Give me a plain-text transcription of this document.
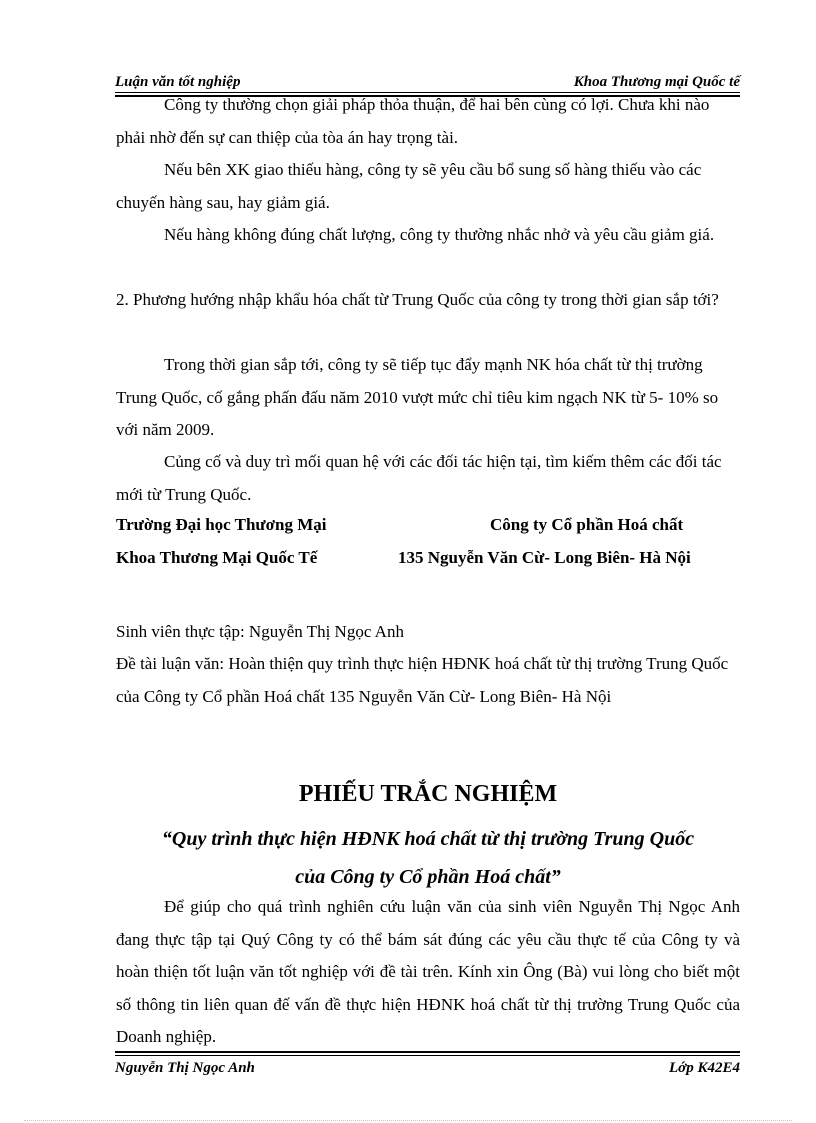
Luận văn tốt nghiệp	Khoa Thương mại Quốc tế

Công ty thường chọn giải pháp thỏa thuận, để hai bên cùng có lợi. Chưa khi nào phải nhờ đến sự can thiệp của tòa án hay trọng tài.

Nếu bên XK giao thiếu hàng, công ty sẽ yêu cầu bổ sung số hàng thiếu vào các chuyến hàng sau, hay giảm giá.

Nếu hàng không đúng chất lượng, công ty thường nhắc nhở và yêu cầu giảm giá.

2. Phương hướng nhập khẩu hóa chất từ Trung Quốc của công ty trong thời gian sắp tới?

Trong thời gian sắp tới, công ty sẽ tiếp tục đẩy mạnh NK hóa chất từ thị trường Trung Quốc, cố gắng phấn đấu năm 2010 vượt mức chỉ tiêu kim ngạch NK từ 5- 10% so với năm 2009.

Củng cố và duy trì mối quan hệ với các đối tác hiện tại, tìm kiếm thêm các đối tác mới từ Trung Quốc.

Trường Đại học Thương Mại	Công ty Cổ phần Hoá chất
Khoa Thương Mại Quốc Tế	135 Nguyễn Văn Cừ- Long Biên- Hà Nội

Sinh viên thực tập: Nguyễn Thị Ngọc Anh

Đề tài luận văn: Hoàn thiện quy trình thực hiện HĐNK hoá chất từ thị trường Trung Quốc của Công ty Cổ phần Hoá chất 135 Nguyễn Văn Cừ- Long Biên- Hà Nội

PHIẾU TRẮC NGHIỆM
“Quy trình thực hiện HĐNK hoá chất từ thị trường Trung Quốc
của Công ty Cổ phần Hoá chất”

Để giúp cho quá trình nghiên cứu luận văn của sinh viên Nguyễn Thị Ngọc Anh đang thực tập tại Quý Công ty có thể bám sát đúng các yêu cầu thực tế của Công ty và hoàn thiện tốt luận văn tốt nghiệp với đề tài trên. Kính xin Ông (Bà) vui lòng cho biết một số thông tin liên quan đế vấn đề thực hiện HĐNK hoá chất từ thị trường Trung Quốc của Doanh nghiệp.

Nguyễn Thị Ngọc Anh	Lớp K42E4
